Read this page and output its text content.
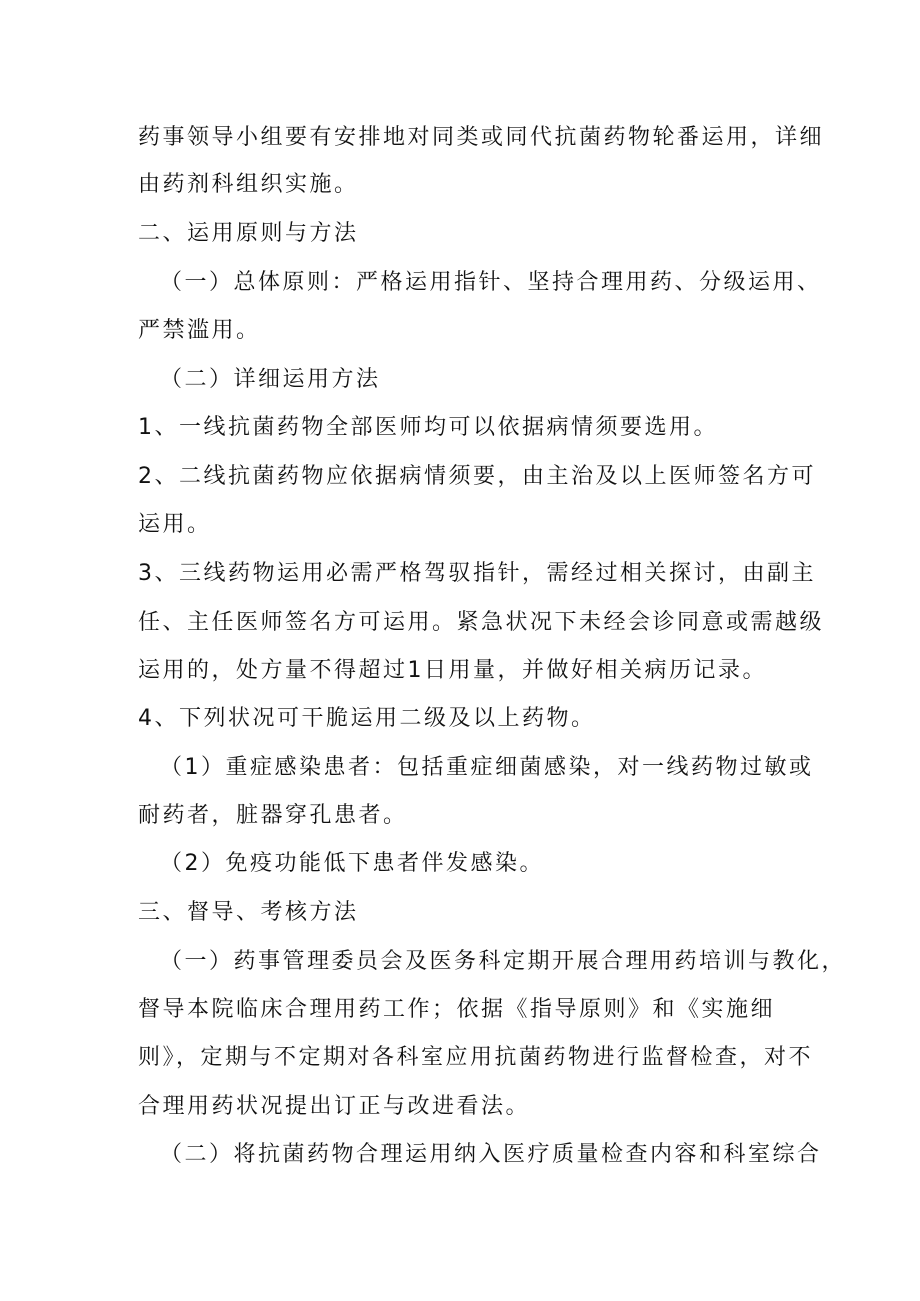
药事领导小组要有安排地对同类或同代抗菌药物轮番运用，详细
由药剂科组织实施。
二、运用原则与方法
（一）总体原则：严格运用指针、坚持合理用药、分级运用、
严禁滥用。
（二）详细运用方法
1、一线抗菌药物全部医师均可以依据病情须要选用。
2、二线抗菌药物应依据病情须要，由主治及以上医师签名方可
运用。
3、三线药物运用必需严格驾驭指针，需经过相关探讨，由副主
任、主任医师签名方可运用。紧急状况下未经会诊同意或需越级
运用的，处方量不得超过1日用量，并做好相关病历记录。
4、下列状况可干脆运用二级及以上药物。
（1）重症感染患者：包括重症细菌感染，对一线药物过敏或
耐药者，脏器穿孔患者。
（2）免疫功能低下患者伴发感染。
三、督导、考核方法
（一）药事管理委员会及医务科定期开展合理用药培训与教化，
督导本院临床合理用药工作；依据《指导原则》和《实施细
则》，定期与不定期对各科室应用抗菌药物进行监督检查，对不
合理用药状况提出订正与改进看法。
（二）将抗菌药物合理运用纳入医疗质量检查内容和科室综合
